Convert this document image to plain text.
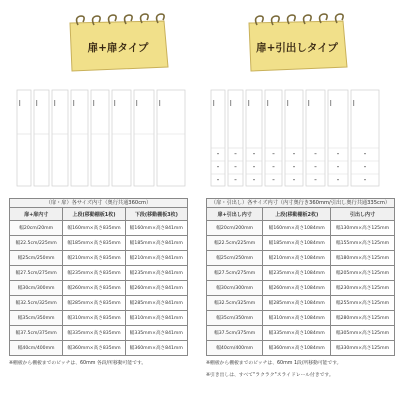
扉+扉タイプ	扉+引出しタイプ
（扉・扉）各サイズ内寸（奥行共通360cm）
扉+扉内寸	上段(移動棚板1枚)	下段(移動棚板3枚)
幅20cm/20mm	幅160mm×高さ835mm	幅160mm×高さ841mm
幅22.5cm/225mm	幅185mm×高さ835mm	幅185mm×高さ841mm
幅25cm/250mm	幅210mm×高さ835mm	幅210mm×高さ841mm
幅27.5cm/275mm	幅235mm×高さ835mm	幅235mm×高さ841mm
幅30cm/300mm	幅260mm×高さ835mm	幅260mm×高さ841mm
幅32.5cm/325mm	幅285mm×高さ835mm	幅285mm×高さ841mm
幅35cm/350mm	幅310mm×高さ835mm	幅310mm×高さ841mm
幅37.5cm/375mm	幅335mm×高さ835mm	幅335mm×高さ841mm
幅40cm/400mm	幅360mm×高さ835mm	幅360mm×高さ841mm
※棚板から棚板までのピッチは、60mm 各段/所移動可能です。
（扉・引出し）各サイズ内寸（内寸奥行き360mm/引出し奥行共通335cm）
扉+引出し内寸	上段(移動棚板2枚)	引出し内寸
幅20cm/200mm	幅160mm×高さ1084mm	幅130mm×高さ125mm
幅22.5cm/225mm	幅185mm×高さ1084mm	幅155mm×高さ125mm
幅25cm/250mm	幅210mm×高さ1084mm	幅180mm×高さ125mm
幅27.5cm/275mm	幅235mm×高さ1084mm	幅205mm×高さ125mm
幅30cm/300mm	幅260mm×高さ1084mm	幅230mm×高さ125mm
幅32.5cm/325mm	幅285mm×高さ1084mm	幅255mm×高さ125mm
幅35cm/350mm	幅310mm×高さ1084mm	幅280mm×高さ125mm
幅37.5cm/375mm	幅335mm×高さ1084mm	幅305mm×高さ125mm
幅40cm/400mm	幅360mm×高さ1084mm	幅330mm×高さ125mm
※棚板から棚板までのピッチは、60mm 1段/所移動可能です。
※引き出しは、すべて"ラクラク"スライドレール付きです。
